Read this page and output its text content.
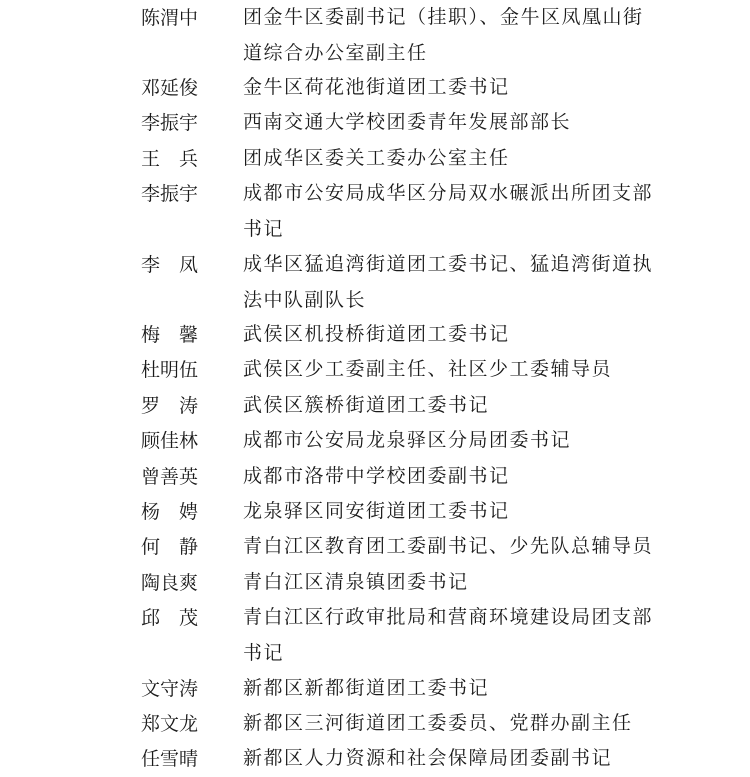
陈渭中	团金牛区委副书记（挂职）、金牛区凤凰山街道综合办公室副主任
邓延俊	金牛区荷花池街道团工委书记
李振宇	西南交通大学校团委青年发展部部长
王兵 团成华区委关工委办公室主任
李振宇	成都市公安局成华区分局双水碾派出所团支部书记
李凤 成华区猛追湾街道团工委书记、猛追湾街道执法中队副队长
梅馨 武侯区机投桥街道团工委书记
杜明伍	武侯区少工委副主任、社区少工委辅导员
罗涛 武侯区簇桥街道团工委书记
顾佳林	成都市公安局龙泉驿区分局团委书记
曾善英	成都市洛带中学校团委副书记
杨娉 龙泉驿区同安街道团工委书记
何静 青白江区教育团工委副书记、少先队总辅导员
陶良爽	青白江区清泉镇团委书记
邱茂 青白江区行政审批局和营商环境建设局团支部书记
文守涛	新都区新都街道团工委书记
郑文龙	新都区三河街道团工委委员、党群办副主任
任雪晴	新都区人力资源和社会保障局团委副书记
